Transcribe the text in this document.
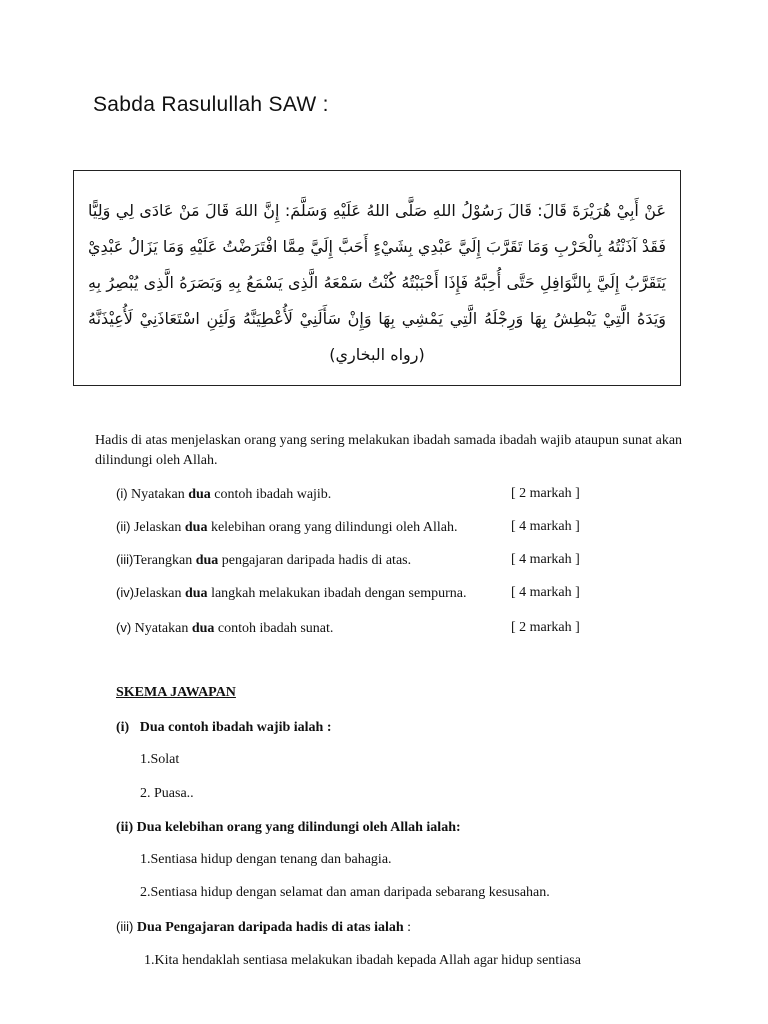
Sabda Rasulullah SAW :
عَنْ أَبِيْ هُرَيْرَةَ قَالَ: قَالَ رَسُوْلُ اللهِ صَلَّى اللهُ عَلَيْهِ وَسَلَّمَ: إِنَّ اللهَ قَالَ مَنْ عَادَى لِي وَلِيًّا فَقَدْ آذَنْتُهُ بِالْحَرْبِ وَمَا تَقَرَّبَ إِلَيَّ عَبْدِي بِشَيْءٍ أَحَبَّ إِلَيَّ مِمَّا افْتَرَضْتُ عَلَيْهِ وَمَا يَزَالُ عَبْدِيْ يَتَقَرَّبُ إِلَيَّ بِالنَّوَافِلِ حَتَّى أُحِبَّهُ فَإِذَا أَحْبَبْتُهُ كُنْتُ سَمْعَهُ الَّذِى يَسْمَعُ بِهِ وَبَصَرَهُ الَّذِى يُبْصِرُ بِهِ وَيَدَهُ الَّتِيْ يَبْطِشُ بِهَا وَرِجْلَهُ الَّتِي يَمْشِي بِهَا وَإِنْ سَأَلَنِيْ لَأُعْطِيَنَّهُ وَلَئِنِ اسْتَعَاذَنِيْ لَأُعِيْذَنَّهُ (رواه البخاري)
Hadis di atas menjelaskan orang yang sering melakukan ibadah samada ibadah wajib ataupun sunat akan dilindungi oleh Allah.
(i) Nyatakan dua contoh ibadah wajib.	[ 2 markah ]
(ii) Jelaskan dua kelebihan orang yang dilindungi oleh Allah.	[ 4 markah ]
(iii)Terangkan dua pengajaran daripada hadis di atas.	[ 4 markah ]
(iv)Jelaskan dua langkah melakukan ibadah dengan sempurna.	[ 4 markah ]
(v) Nyatakan dua contoh ibadah sunat.	[ 2 markah ]
SKEMA JAWAPAN
(i)   Dua contoh ibadah wajib ialah :
1.Solat
2. Puasa..
(ii) Dua kelebihan orang yang dilindungi oleh Allah ialah:
1.Sentiasa hidup dengan tenang dan bahagia.
2.Sentiasa hidup dengan selamat dan aman daripada sebarang kesusahan.
(iii) Dua Pengajaran daripada hadis di atas ialah :
1.Kita hendaklah sentiasa melakukan ibadah kepada Allah agar hidup sentiasa
